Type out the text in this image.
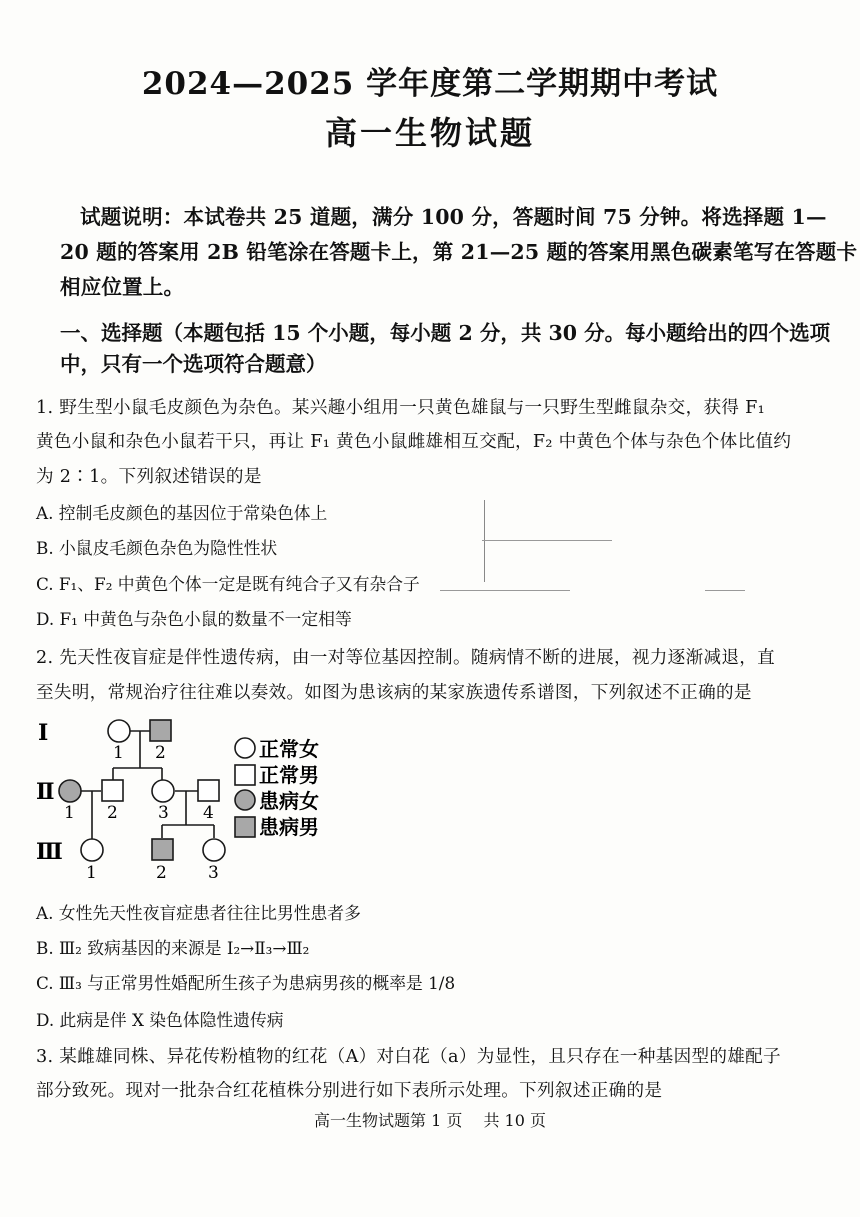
2024—2025 学年度第二学期期中考试
高一生物试题
试题说明：本试卷共 25 道题，满分 100 分，答题时间 75 分钟。将选择题 1—
20 题的答案用 2B 铅笔涂在答题卡上，第 21—25 题的答案用黑色碳素笔写在答题卡
相应位置上。
一、选择题（本题包括 15 个小题，每小题 2 分，共 30 分。每小题给出的四个选项
中，只有一个选项符合题意）
1. 野生型小鼠毛皮颜色为杂色。某兴趣小组用一只黄色雄鼠与一只野生型雌鼠杂交，获得 F₁
黄色小鼠和杂色小鼠若干只，再让 F₁ 黄色小鼠雌雄相互交配，F₂ 中黄色个体与杂色个体比值约
为 2∶1。下列叙述错误的是
A. 控制毛皮颜色的基因位于常染色体上
B. 小鼠皮毛颜色杂色为隐性性状
C. F₁、F₂ 中黄色个体一定是既有纯合子又有杂合子
D. F₁ 中黄色与杂色小鼠的数量不一定相等
2. 先天性夜盲症是伴性遗传病，由一对等位基因控制。随病情不断的进展，视力逐渐减退，直
至失明，常规治疗往往难以奏效。如图为患该病的某家族遗传系谱图，下列叙述不正确的是
Ⅰ
Ⅱ
Ⅲ
1 2
1 2 3 4
1	2 3
正常女
正常男
患病女
患病男
A. 女性先天性夜盲症患者往往比男性患者多
B. Ⅲ₂ 致病基因的来源是 Ⅰ₂→Ⅱ₃→Ⅲ₂
C. Ⅲ₃ 与正常男性婚配所生孩子为患病男孩的概率是 1/8
D. 此病是伴 X 染色体隐性遗传病
3. 某雌雄同株、异花传粉植物的红花（A）对白花（a）为显性，且只存在一种基因型的雄配子
部分致死。现对一批杂合红花植株分别进行如下表所示处理。下列叙述正确的是
高一生物试题第 1 页　 共 10 页
